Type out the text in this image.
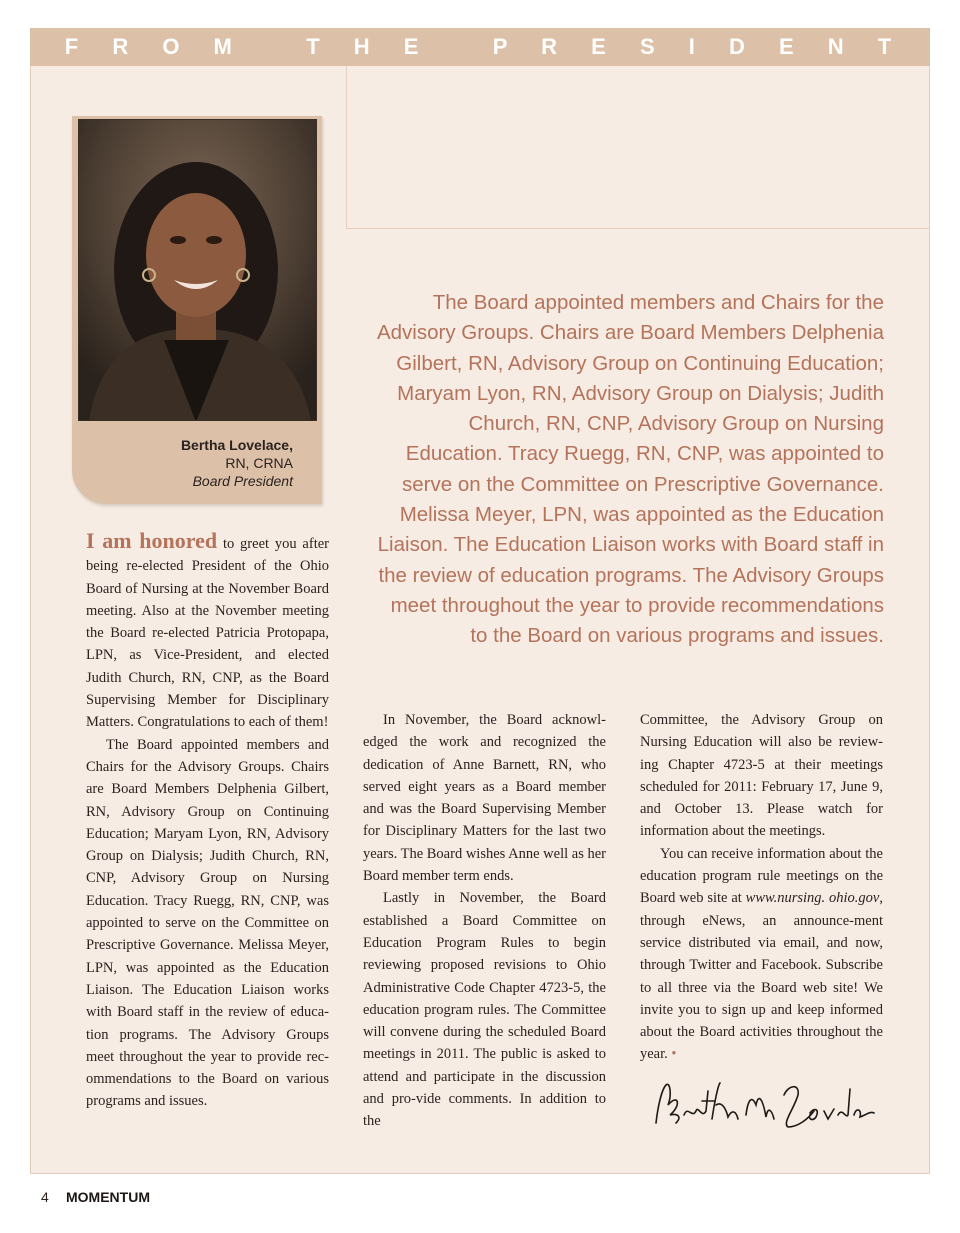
F R O M   T H E   P R E S I D E N T
Bertha Lovelace,
RN, CRNA
Board President
The Board appointed members and Chairs for the Advisory Groups. Chairs are Board Members Delphenia Gilbert, RN, Advisory Group on Continuing Education; Maryam Lyon, RN, Advisory Group on Dialysis; Judith Church, RN, CNP, Advisory Group on Nursing Education. Tracy Ruegg, RN, CNP, was appointed to serve on the Committee on Prescriptive Governance. Melissa Meyer, LPN, was appointed as the Education Liaison. The Education Liaison works with Board staff in the review of education programs. The Advisory Groups meet throughout the year to provide recommendations to the Board on various programs and issues.

I am honored to greet you after being re-elected President of the Ohio Board of Nursing at the November Board meeting. Also at the November meeting the Board re-elected Patricia Protopapa, LPN, as Vice-President, and elected Judith Church, RN, CNP, as the Board Supervising Member for Disciplinary Matters. Congratulations to each of them!

The Board appointed members and Chairs for the Advisory Groups. Chairs are Board Members Delphenia Gilbert, RN, Advisory Group on Continuing Education; Maryam Lyon, RN, Advisory Group on Dialysis; Judith Church, RN, CNP, Advisory Group on Nursing Education. Tracy Ruegg, RN, CNP, was appointed to serve on the Committee on Prescriptive Governance. Melissa Meyer, LPN, was appointed as the Education Liaison. The Education Liaison works with Board staff in the review of educa-tion programs. The Advisory Groups meet throughout the year to provide rec-ommendations to the Board on various programs and issues.

In November, the Board acknowl-edged the work and recognized the dedication of Anne Barnett, RN, who served eight years as a Board member and was the Board Supervising Member for Disciplinary Matters for the last two years. The Board wishes Anne well as her Board member term ends.

Lastly in November, the Board established a Board Committee on Education Program Rules to begin reviewing proposed revisions to Ohio Administrative Code Chapter 4723-5, the education program rules. The Committee will convene during the scheduled Board meetings in 2011. The public is asked to attend and participate in the discussion and pro-vide comments. In addition to the

Committee, the Advisory Group on Nursing Education will also be review-ing Chapter 4723-5 at their meetings scheduled for 2011: February 17, June 9, and October 13. Please watch for information about the meetings.

You can receive information about the education program rule meetings on the Board web site at www.nursing. ohio.gov, through eNews, an announce-ment service distributed via email, and now, through Twitter and Facebook. Subscribe to all three via the Board web site! We invite you to sign up and keep informed about the Board activities throughout the year. •

4 MOMENTUM
